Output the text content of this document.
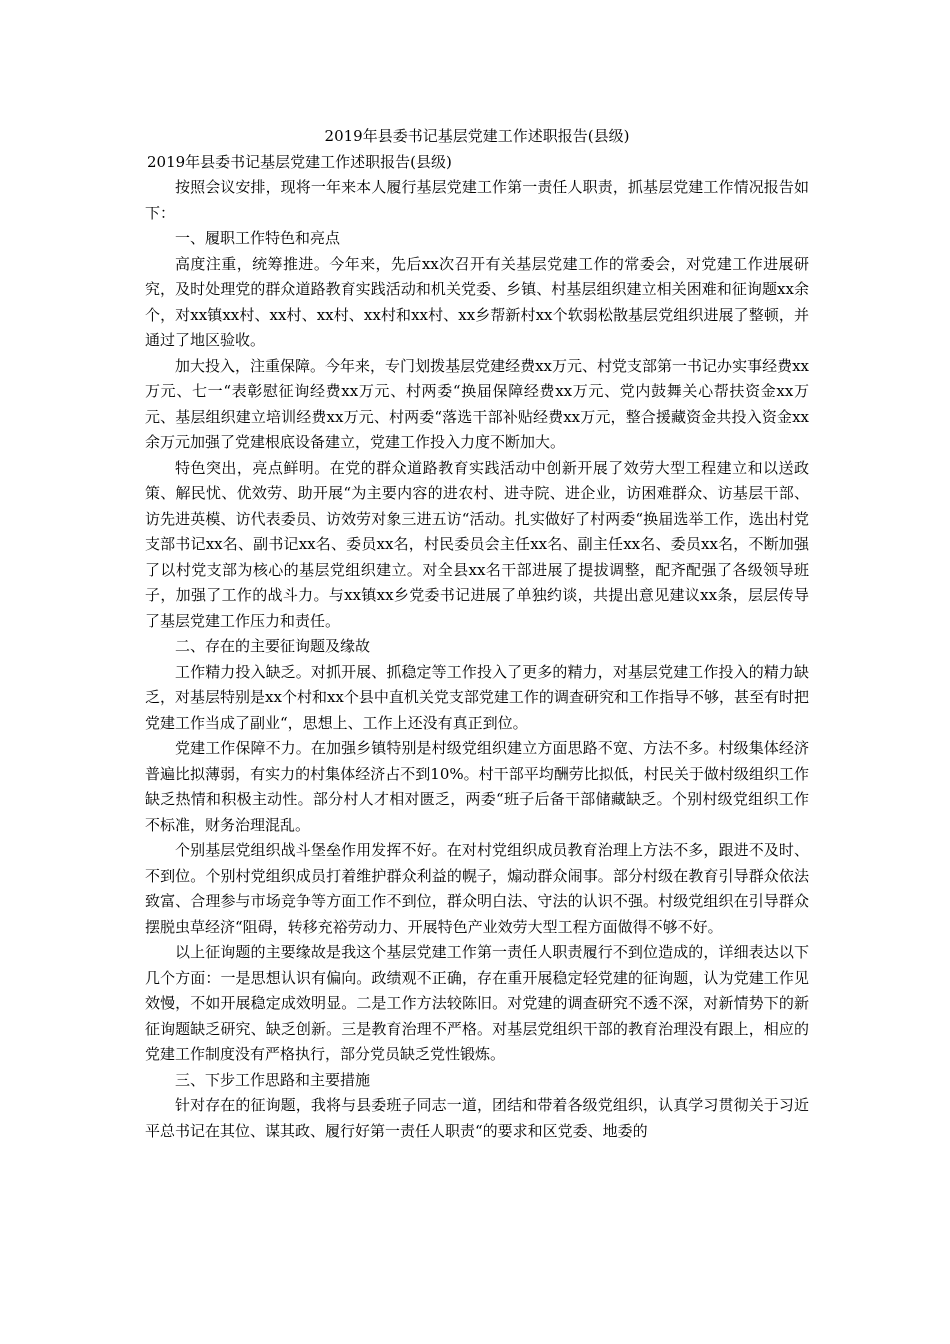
2019年县委书记基层党建工作述职报告(县级)

2019年县委书记基层党建工作述职报告(县级)

按照会议安排，现将一年来本人履行基层党建工作第一责任人职责，抓基层党建工作情况报告如下：

一、履职工作特色和亮点

高度注重，统筹推进。今年来，先后xx次召开有关基层党建工作的常委会，对党建工作进展研究，及时处理党的群众道路教育实践活动和机关党委、乡镇、村基层组织建立相关困难和征询题xx余个，对xx镇xx村、xx村、xx村、xx村和xx村、xx乡帮新村xx个软弱松散基层党组织进展了整顿，并通过了地区验收。

加大投入，注重保障。今年来，专门划拨基层党建经费xx万元、村党支部第一书记办实事经费xx万元、七一“表彰慰征询经费xx万元、村两委“换届保障经费xx万元、党内鼓舞关心帮扶资金xx万元、基层组织建立培训经费xx万元、村两委“落选干部补贴经费xx万元，整合援藏资金共投入资金xx余万元加强了党建根底设备建立，党建工作投入力度不断加大。

特色突出，亮点鲜明。在党的群众道路教育实践活动中创新开展了效劳大型工程建立和以送政策、解民忧、优效劳、助开展“为主要内容的进农村、进寺院、进企业，访困难群众、访基层干部、访先进英模、访代表委员、访效劳对象三进五访“活动。扎实做好了村两委“换届选举工作，选出村党支部书记xx名、副书记xx名、委员xx名，村民委员会主任xx名、副主任xx名、委员xx名，不断加强了以村党支部为核心的基层党组织建立。对全县xx名干部进展了提拔调整，配齐配强了各级领导班子，加强了工作的战斗力。与xx镇xx乡党委书记进展了单独约谈，共提出意见建议xx条，层层传导了基层党建工作压力和责任。

二、存在的主要征询题及缘故

工作精力投入缺乏。对抓开展、抓稳定等工作投入了更多的精力，对基层党建工作投入的精力缺乏，对基层特别是xx个村和xx个县中直机关党支部党建工作的调查研究和工作指导不够，甚至有时把党建工作当成了副业“，思想上、工作上还没有真正到位。

党建工作保障不力。在加强乡镇特别是村级党组织建立方面思路不宽、方法不多。村级集体经济普遍比拟薄弱，有实力的村集体经济占不到10%。村干部平均酬劳比拟低，村民关于做村级组织工作缺乏热情和积极主动性。部分村人才相对匮乏，两委“班子后备干部储藏缺乏。个别村级党组织工作不标准，财务治理混乱。

个别基层党组织战斗堡垒作用发挥不好。在对村党组织成员教育治理上方法不多，跟进不及时、不到位。个别村党组织成员打着维护群众利益的幌子，煽动群众闹事。部分村级在教育引导群众依法致富、合理参与市场竞争等方面工作不到位，群众明白法、守法的认识不强。村级党组织在引导群众摆脱虫草经济“阻碍，转移充裕劳动力、开展特色产业效劳大型工程方面做得不够不好。

以上征询题的主要缘故是我这个基层党建工作第一责任人职责履行不到位造成的，详细表达以下几个方面：一是思想认识有偏向。政绩观不正确，存在重开展稳定轻党建的征询题，认为党建工作见效慢，不如开展稳定成效明显。二是工作方法较陈旧。对党建的调查研究不透不深，对新情势下的新征询题缺乏研究、缺乏创新。三是教育治理不严格。对基层党组织干部的教育治理没有跟上，相应的党建工作制度没有严格执行，部分党员缺乏党性锻炼。

三、下步工作思路和主要措施

针对存在的征询题，我将与县委班子同志一道，团结和带着各级党组织，认真学习贯彻关于习近平总书记在其位、谋其政、履行好第一责任人职责“的要求和区党委、地委的
